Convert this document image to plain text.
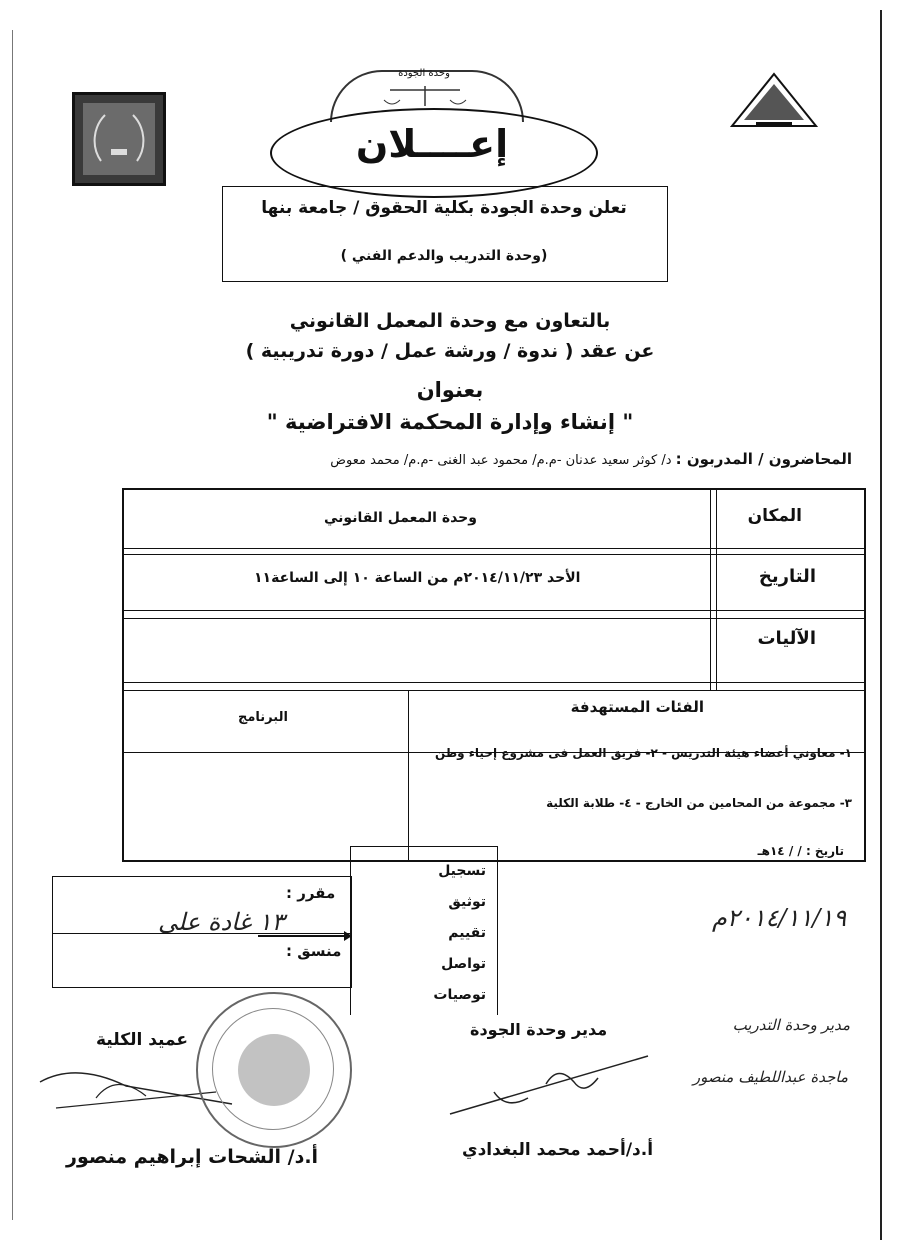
وحدة الجودة
إعــــلان
تعلن وحدة الجودة بكلية الحقوق / جامعة بنها
(وحدة التدريب والدعم الفني )
بالتعاون مع وحدة المعمل القانوني
عن عقد ( ندوة / ورشة عمل / دورة تدريبية )
بعنوان
" إنشاء وإدارة المحكمة الافتراضية "
المحاضرون / المدربون : د/ كوثر سعيد عدنان -م.م/ محمود عبد الغنى -م.م/ محمد معوض
المكان
وحدة المعمل القانوني
التاريخ
الأحد ٢٠١٤/١١/٢٣م من الساعة ١٠ إلى الساعة١١
الآليات
الفئات المستهدفة
البرنامج
١- معاوني أعضاء هيئة التدريس - ٢- فريق العمل فى مشروع إحياء وطن
٣- مجموعة من المحامين من الخارج - ٤- طلابة الكلية
تاريخ : / / ١٤هـ
مقرر :
منسق :
١٣ غادة على
تسجيل
توثيق
تقييم
تواصل
توصيات
٢٠١٤/١١/١٩م
مدير وحدة التدريب
ماجدة عبداللطيف منصور
مدير وحدة الجودة
أ.د/أحمد محمد البغدادي
عميد الكلية
أ.د/ الشحات إبراهيم منصور
